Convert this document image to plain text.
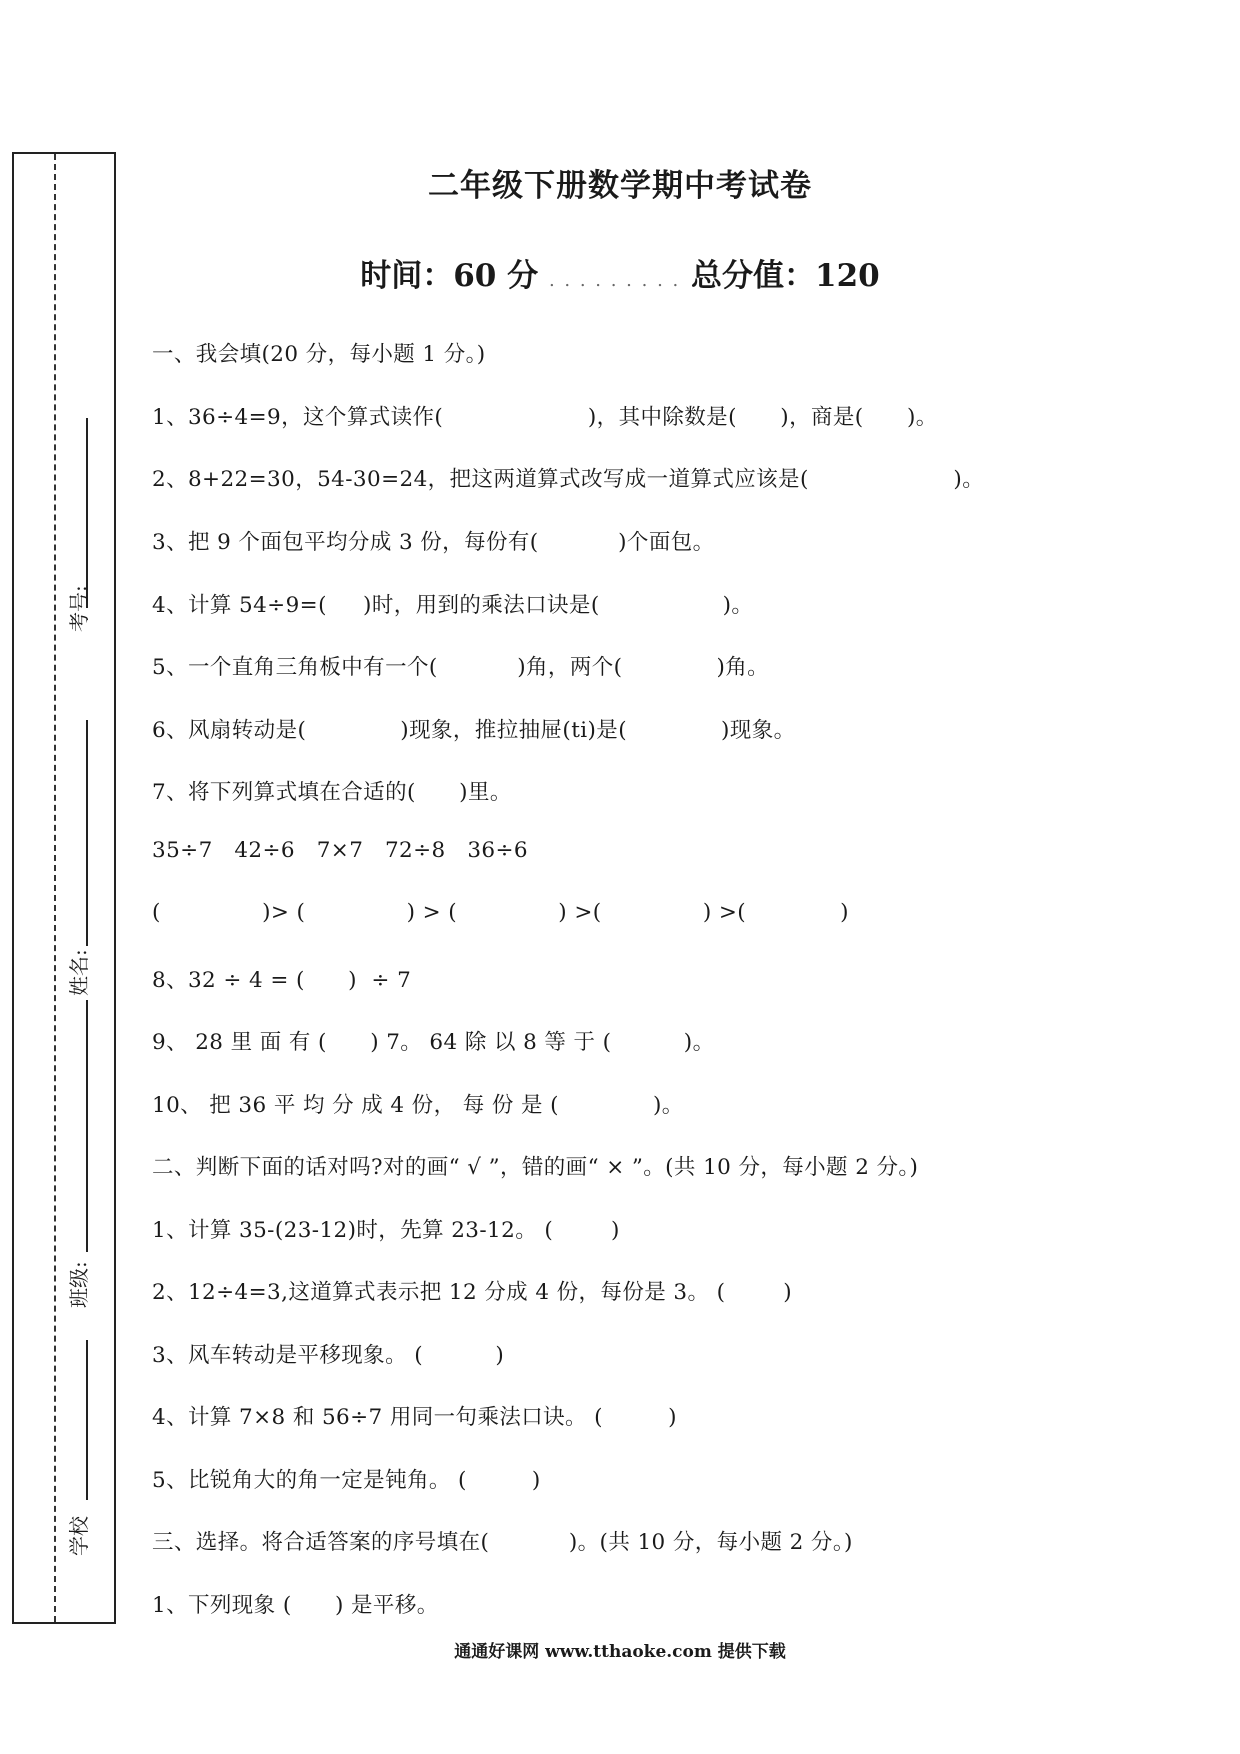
考号:
姓名:
班级:
学校
二年级下册数学期中考试卷
时间：60 分 . . . . . . . . . 总分值：120
一、我会填(20 分，每小题 1 分。)
1、36÷4=9，这个算式读作(                    )，其中除数是(      )，商是(      )。
2、8+22=30，54-30=24，把这两道算式改写成一道算式应该是(                    )。
3、把 9 个面包平均分成 3 份，每份有(           )个面包。
4、计算 54÷9=(     )时，用到的乘法口诀是(                 )。
5、一个直角三角板中有一个(           )角，两个(             )角。
6、风扇转动是(             )现象，推拉抽屉(ti)是(             )现象。
7、将下列算式填在合适的(      )里。
35÷7   42÷6   7×7   72÷8   36÷6
(              )> (              ) > (              ) >(              ) >(             )
8、32 ÷ 4 = (      )  ÷ 7
9、 28 里 面 有 (      ) 7。 64 除 以 8 等 于 (          )。
10、 把 36 平 均 分 成 4 份， 每 份 是 (             )。
二、判断下面的话对吗?对的画“ √ ”，错的画“ × ”。(共 10 分，每小题 2 分。)
1、计算 35-(23-12)时，先算 23-12。 (        )
2、12÷4=3,这道算式表示把 12 分成 4 份，每份是 3。 (        )
3、风车转动是平移现象。 (          )
4、计算 7×8 和 56÷7 用同一句乘法口诀。 (         )
5、比锐角大的角一定是钝角。 (         )
三、选择。将合适答案的序号填在(           )。(共 10 分，每小题 2 分。)
1、下列现象 (      ) 是平移。
通通好课网 www.tthaoke.com 提供下载
